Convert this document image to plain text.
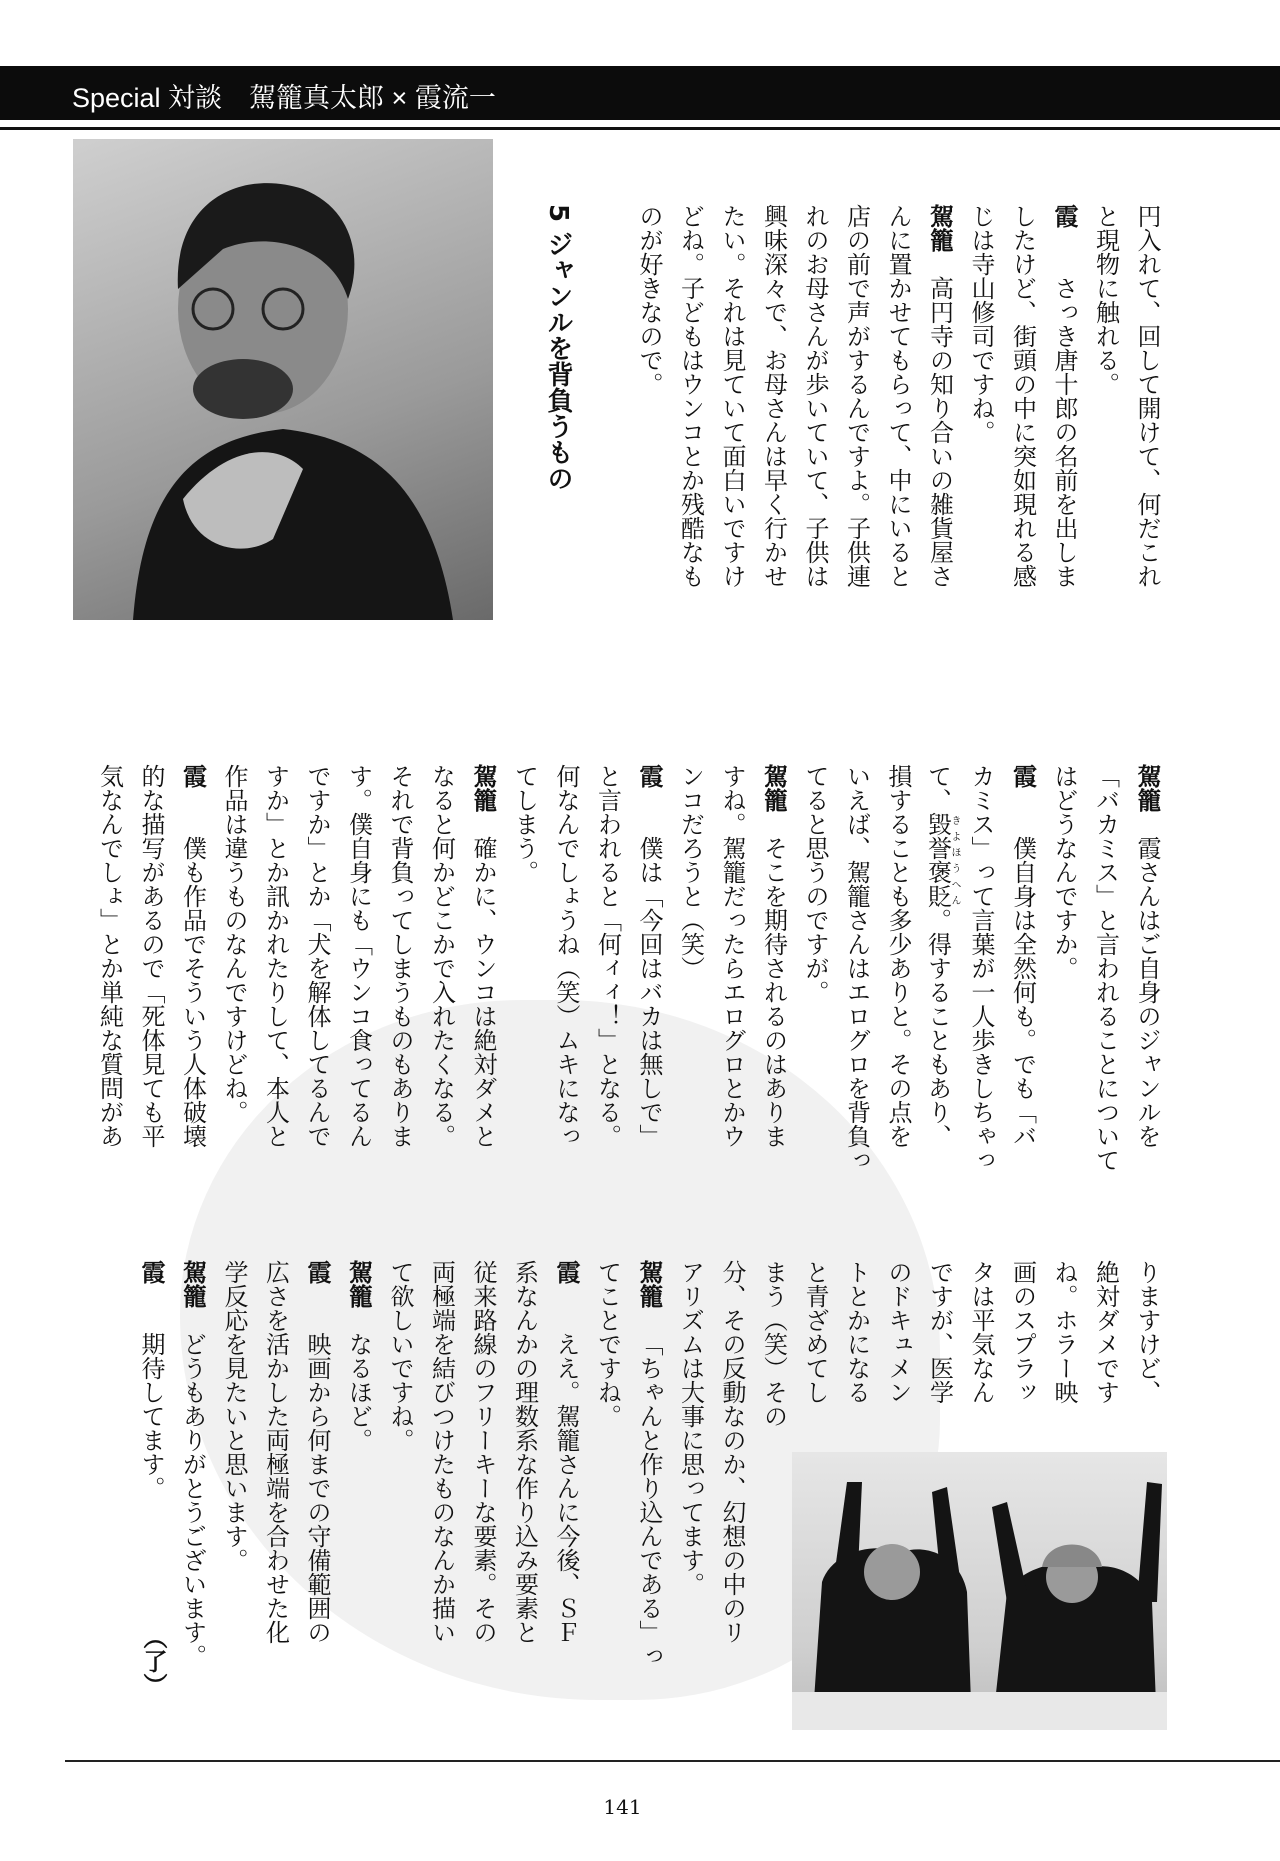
Special 対談　駕籠真太郎 × 霞流一
5 ジャンルを背負うもの	円入れて、回して開けて、何だこれ
と現物に触れる。
霞さっき唐十郎の名前を出しま
したけど、街頭の中に突如現れる感
じは寺山修司ですね。
駕籠高円寺の知り合いの雑貨屋さ
んに置かせてもらって、中にいると
店の前で声がするんですよ。子供連
れのお母さんが歩いていて、子供は
興味深々で、お母さんは早く行かせ
たい。それは見ていて面白いですけ
どね。子どもはウンコとか残酷なも
のが好きなので。
駕籠霞さんはご自身のジャンルを
「バカミス」と言われることについて
はどうなんですか。
霞僕自身は全然何も。でも「バ
カミス」って言葉が一人歩きしちゃっ
て、毀誉褒貶きよほうへん。得することもあり、
損することも多少ありと。その点を
いえば、駕籠さんはエログロを背負っ
てると思うのですが。
駕籠そこを期待されるのはありま
すね。駕籠だったらエログロとかウ
ンコだろうと（笑）
霞僕は「今回はバカは無しで」
と言われると「何ィィ！」となる。
何なんでしょうね（笑）ムキになっ
てしまう。
駕籠確かに、ウンコは絶対ダメと
なると何かどこかで入れたくなる。
それで背負ってしまうものもありま
す。僕自身にも「ウンコ食ってるん
ですか」とか「犬を解体してるんで
すか」とか訊かれたりして、本人と
作品は違うものなんですけどね。
霞僕も作品でそういう人体破壊
的な描写があるので「死体見ても平
気なんでしょ」とか単純な質問があ
りますけど、
絶対ダメです
ね。ホラー映
画のスプラッ
タは平気なん
ですが、医学
のドキュメン
トとかになる
と青ざめてし
まう（笑）その
分、その反動なのか、幻想の中のリ
アリズムは大事に思ってます。
駕籠「ちゃんと作り込んである」っ
てことですね。
霞ええ。駕籠さんに今後、ＳＦ
系なんかの理数系な作り込み要素と
従来路線のフリーキーな要素。その
両極端を結びつけたものなんか描い
て欲しいですね。
駕籠なるほど。
霞映画から何までの守備範囲の
広さを活かした両極端を合わせた化
学反応を見たいと思います。
駕籠どうもありがとうございます。
霞期待してます。
（了）
141
